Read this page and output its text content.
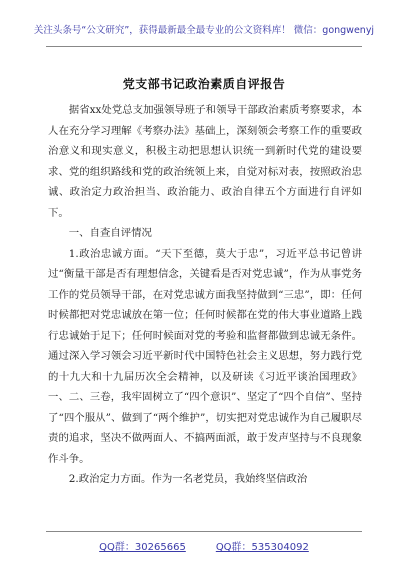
关注头条号“公文研究”，获得最新最全最专业的公文资料库！ 微信：gongwenyj
党支部书记政治素质自评报告

据省xx处党总支加强领导班子和领导干部政治素质考察要求，本人在充分学习理解《考察办法》基础上，深刻领会考察工作的重要政治意义和现实意义，积极主动把思想认识统一到新时代党的建设要求、党的组织路线和党的政治统领上来，自觉对标对表，按照政治忠诚、政治定力政治担当、政治能力、政治自律五个方面进行自评如下。

一、自查自评情况

1.政治忠诚方面。“天下至德，莫大于忠”，习近平总书记曾讲过“衡量干部是否有理想信念，关键看是否对党忠诚”，作为从事党务工作的党员领导干部，在对党忠诚方面我坚持做到“三忠”，即：任何时候都把对党忠诚放在第一位；任何时候都在党的伟大事业道路上践行忠诚始于足下；任何时候面对党的考验和监督都做到忠诚无条件。通过深入学习领会习近平新时代中国特色社会主义思想，努力践行党的十九大和十九届历次全会精神，以及研读《习近平谈治国理政》一、二、三卷，我牢固树立了“四个意识”、坚定了“四个自信”、坚持了“四个服从”、做到了“两个维护”，切实把对党忠诚作为自己履职尽责的追求，坚决不做两面人、不搞两面派，敢于发声坚持与不良现象作斗争。

2.政治定力方面。作为一名老党员，我始终坚信政治

QQ群：30265665	QQ群：535304092
